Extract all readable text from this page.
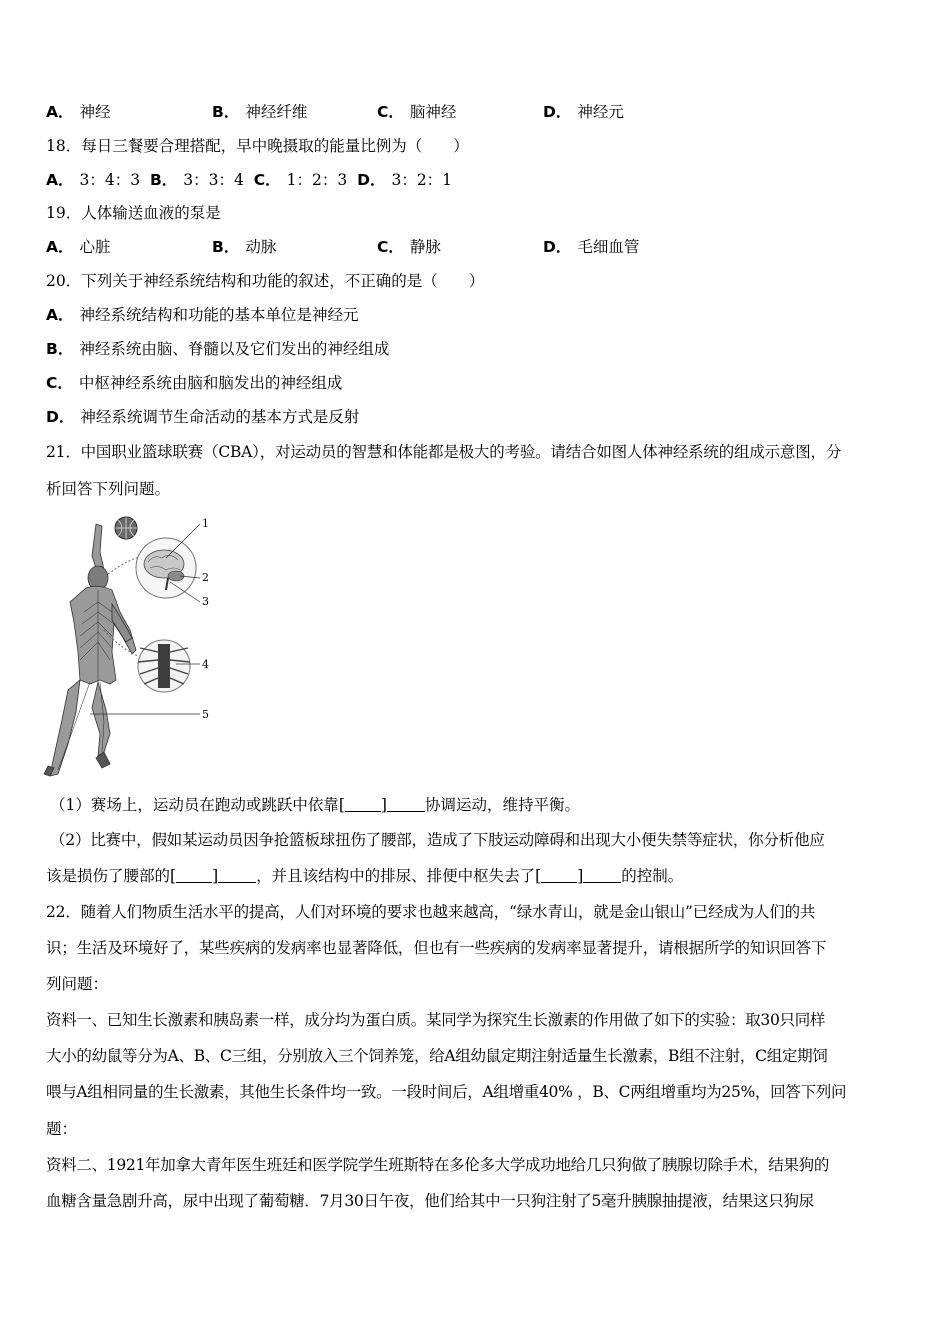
A． 神经	B． 神经纤维	C． 脑神经	D． 神经元
18．每日三餐要合理搭配，早中晚摄取的能量比例为（　　）
A． 3：4：3 B． 3：3：4 C． 1：2：3 D． 3：2：1
19．人体输送血液的泵是
A． 心脏	B． 动脉	C． 静脉	D． 毛细血管
20．下列关于神经系统结构和功能的叙述，不正确的是（　　）
A． 神经系统结构和功能的基本单位是神经元
B． 神经系统由脑、脊髓以及它们发出的神经组成
C． 中枢神经系统由脑和脑发出的神经组成
D． 神经系统调节生命活动的基本方式是反射
21．中国职业篮球联赛（CBA），对运动员的智慧和体能都是极大的考验。请结合如图人体神经系统的组成示意图，分
析回答下列问题。
1
2
3
4
5
（1）赛场上，运动员在跑动或跳跃中依靠[ ] 协调运动，维持平衡。
（2）比赛中，假如某运动员因争抢篮板球扭伤了腰部，造成了下肢运动障碍和出现大小便失禁等症状，你分析他应
该是损伤了腰部的[ ] ，并且该结构中的排尿、排便中枢失去了[ ] 的控制。
22．随着人们物质生活水平的提高，人们对环境的要求也越来越高，“绿水青山，就是金山银山”已经成为人们的共
识；生活及环境好了，某些疾病的发病率也显著降低，但也有一些疾病的发病率显著提升，请根据所学的知识回答下
列问题：
资料一、已知生长激素和胰岛素一样，成分均为蛋白质。某同学为探究生长激素的作用做了如下的实验：取30只同样
大小的幼鼠等分为A、B、C三组，分别放入三个饲养笼，给A组幼鼠定期注射适量生长激素，B组不注射，C组定期饲
喂与A组相同量的生长激素，其他生长条件均一致。一段时间后，A组增重40% ，B、C两组增重均为25%，回答下列问
题：
资料二、1921年加拿大青年医生班廷和医学院学生班斯特在多伦多大学成功地给几只狗做了胰腺切除手术，结果狗的
血糖含量急剧升高，尿中出现了葡萄糖．7月30日午夜，他们给其中一只狗注射了5毫升胰腺抽提液，结果这只狗尿
